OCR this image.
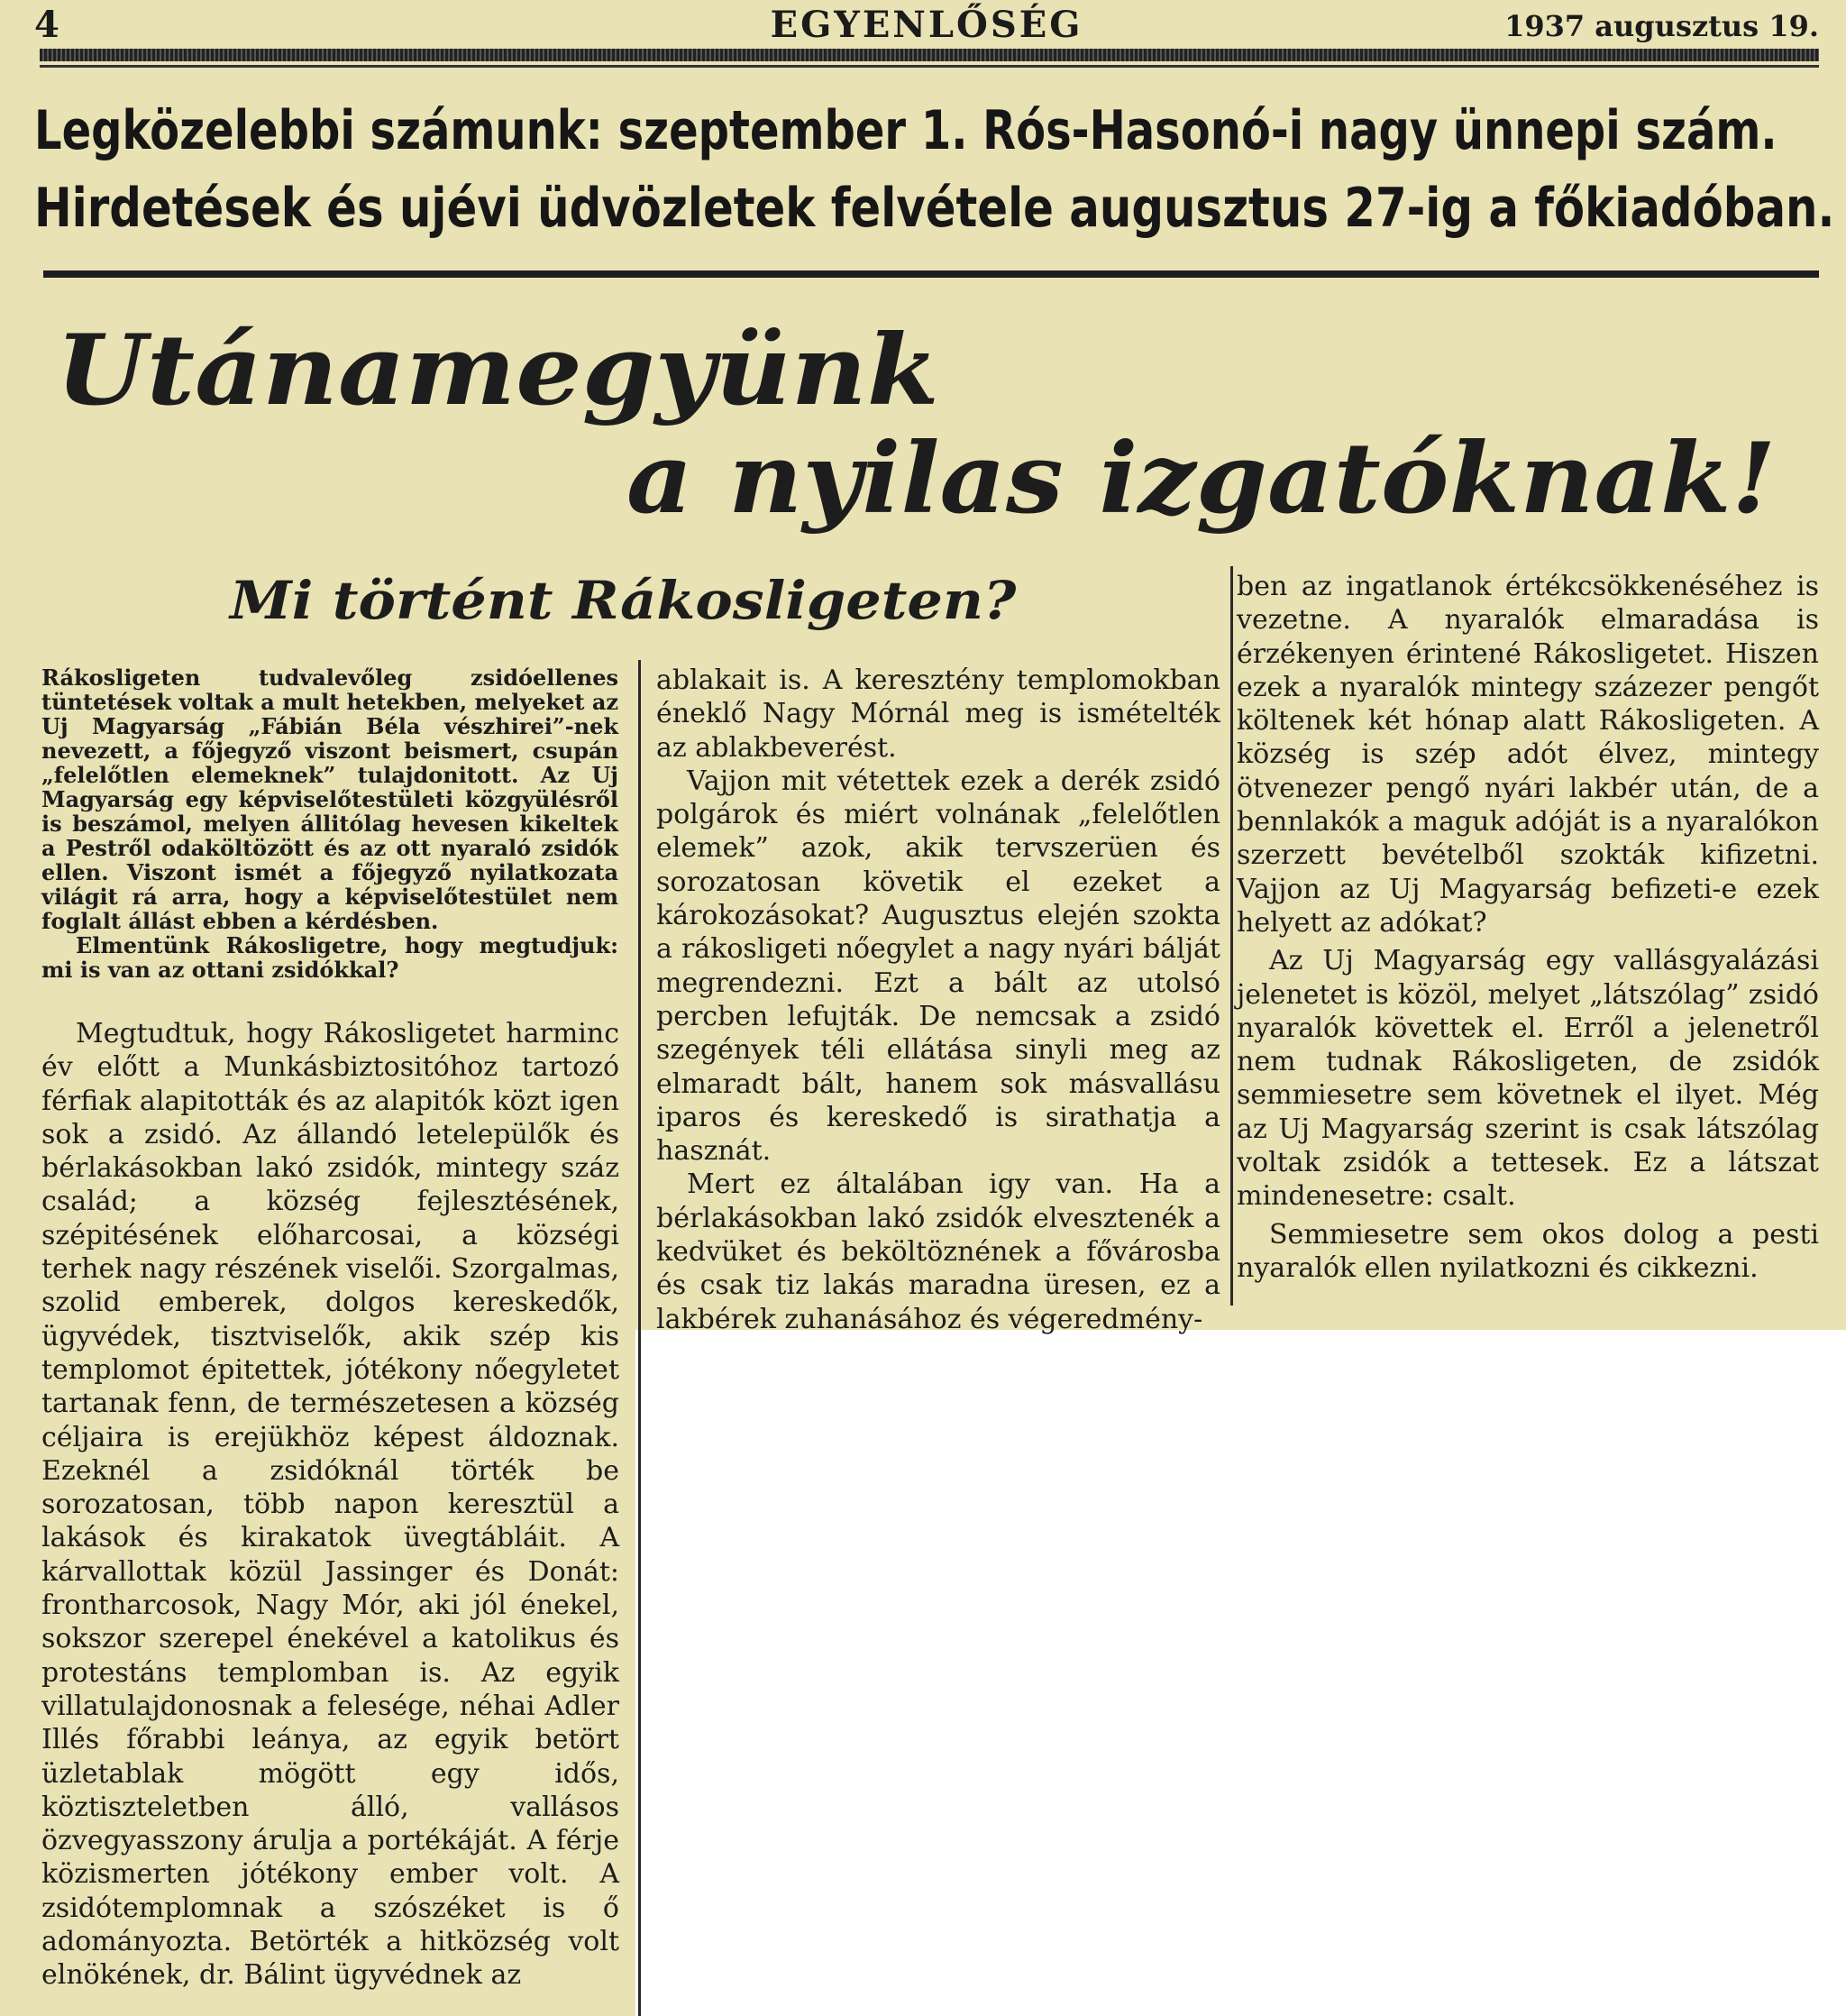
4	EGYENLŐSÉG	1937 augusztus 19.
Legközelebbi számunk: szeptember 1. Rós-Hasonó-i nagy ünnepi szám.
Hirdetések és ujévi üdvözletek felvétele augusztus 27-ig a főkiadóban.
Utánamegyünk
a nyilas izgatóknak!
Mi történt Rákosligeten?

Rákosligeten tudvalevőleg zsidóellenes tüntetések voltak a mult hetekben, melyeket az Uj Magyarság „Fábián Béla vészhirei”-nek nevezett, a főjegyző viszont beismert, csupán „felelőtlen elemeknek” tulajdonitott. Az Uj Magyarság egy képviselőtestületi közgyülésről is beszámol, melyen állitólag hevesen kikeltek a Pestről odaköltözött és az ott nyaraló zsidók ellen. Viszont ismét a főjegyző nyilatkozata világit rá arra, hogy a képviselőtestület nem foglalt állást ebben a kérdésben.

Elmentünk Rákosligetre, hogy megtudjuk: mi is van az ottani zsidókkal?

Megtudtuk, hogy Rákosligetet harminc év előtt a Munkásbiztositóhoz tartozó férfiak alapitották és az alapitók közt igen sok a zsidó. Az állandó letelepülők és bérlakásokban lakó zsidók, mintegy száz család; a község fejlesztésének, szépitésének előharcosai, a községi terhek nagy részének viselői. Szorgalmas, szolid emberek, dolgos kereskedők, ügyvédek, tisztviselők, akik szép kis templomot épitettek, jótékony nőegyletet tartanak fenn, de természetesen a község céljaira is erejükhöz képest áldoznak. Ezeknél a zsidóknál törték be sorozatosan, több napon keresztül a lakások és kirakatok üvegtábláit. A kárvallottak közül Jassinger és Donát: frontharcosok, Nagy Mór, aki jól énekel, sokszor szerepel énekével a katolikus és protestáns templomban is. Az egyik villatulajdonosnak a felesége, néhai Adler Illés főrabbi leánya, az egyik betört üzletablak mögött egy idős, köztiszteletben álló, vallásos özvegyasszony árulja a portékáját. A férje közismerten jótékony ember volt. A zsidótemplomnak a szószéket is ő adományozta. Betörték a hitközség volt elnökének, dr. Bálint ügyvédnek az

ablakait is. A keresztény templomokban éneklő Nagy Mórnál meg is ismételték az ablakbeverést.

Vajjon mit vétettek ezek a derék zsidó polgárok és miért volnának „felelőtlen elemek” azok, akik tervszerüen és sorozatosan követik el ezeket a károkozásokat? Augusztus elején szokta a rákosligeti nőegylet a nagy nyári bálját megrendezni. Ezt a bált az utolsó percben lefujták. De nemcsak a zsidó szegények téli ellátása sinyli meg az elmaradt bált, hanem sok másvallásu iparos és kereskedő is sirathatja a hasznát.

Mert ez általában igy van. Ha a bérlakásokban lakó zsidók elvesztenék a kedvüket és beköltöznének a fővárosba és csak tiz lakás maradna üresen, ez a lakbérek zuhanásához és végeredmény-

ben az ingatlanok értékcsökkenéséhez is vezetne. A nyaralók elmaradása is érzékenyen érintené Rákosligetet. Hiszen ezek a nyaralók mintegy százezer pengőt költenek két hónap alatt Rákosligeten. A község is szép adót élvez, mintegy ötvenezer pengő nyári lakbér után, de a bennlakók a maguk adóját is a nyaralókon szerzett bevételből szokták kifizetni. Vajjon az Uj Magyarság befizeti-e ezek helyett az adókat?

Az Uj Magyarság egy vallásgyalázási jelenetet is közöl, melyet „látszólag” zsidó nyaralók követtek el. Erről a jelenetről nem tudnak Rákosligeten, de zsidók semmiesetre sem követnek el ilyet. Még az Uj Magyarság szerint is csak látszólag voltak zsidók a tettesek. Ez a látszat mindenesetre: csalt.

Semmiesetre sem okos dolog a pesti nyaralók ellen nyilatkozni és cikkezni.
